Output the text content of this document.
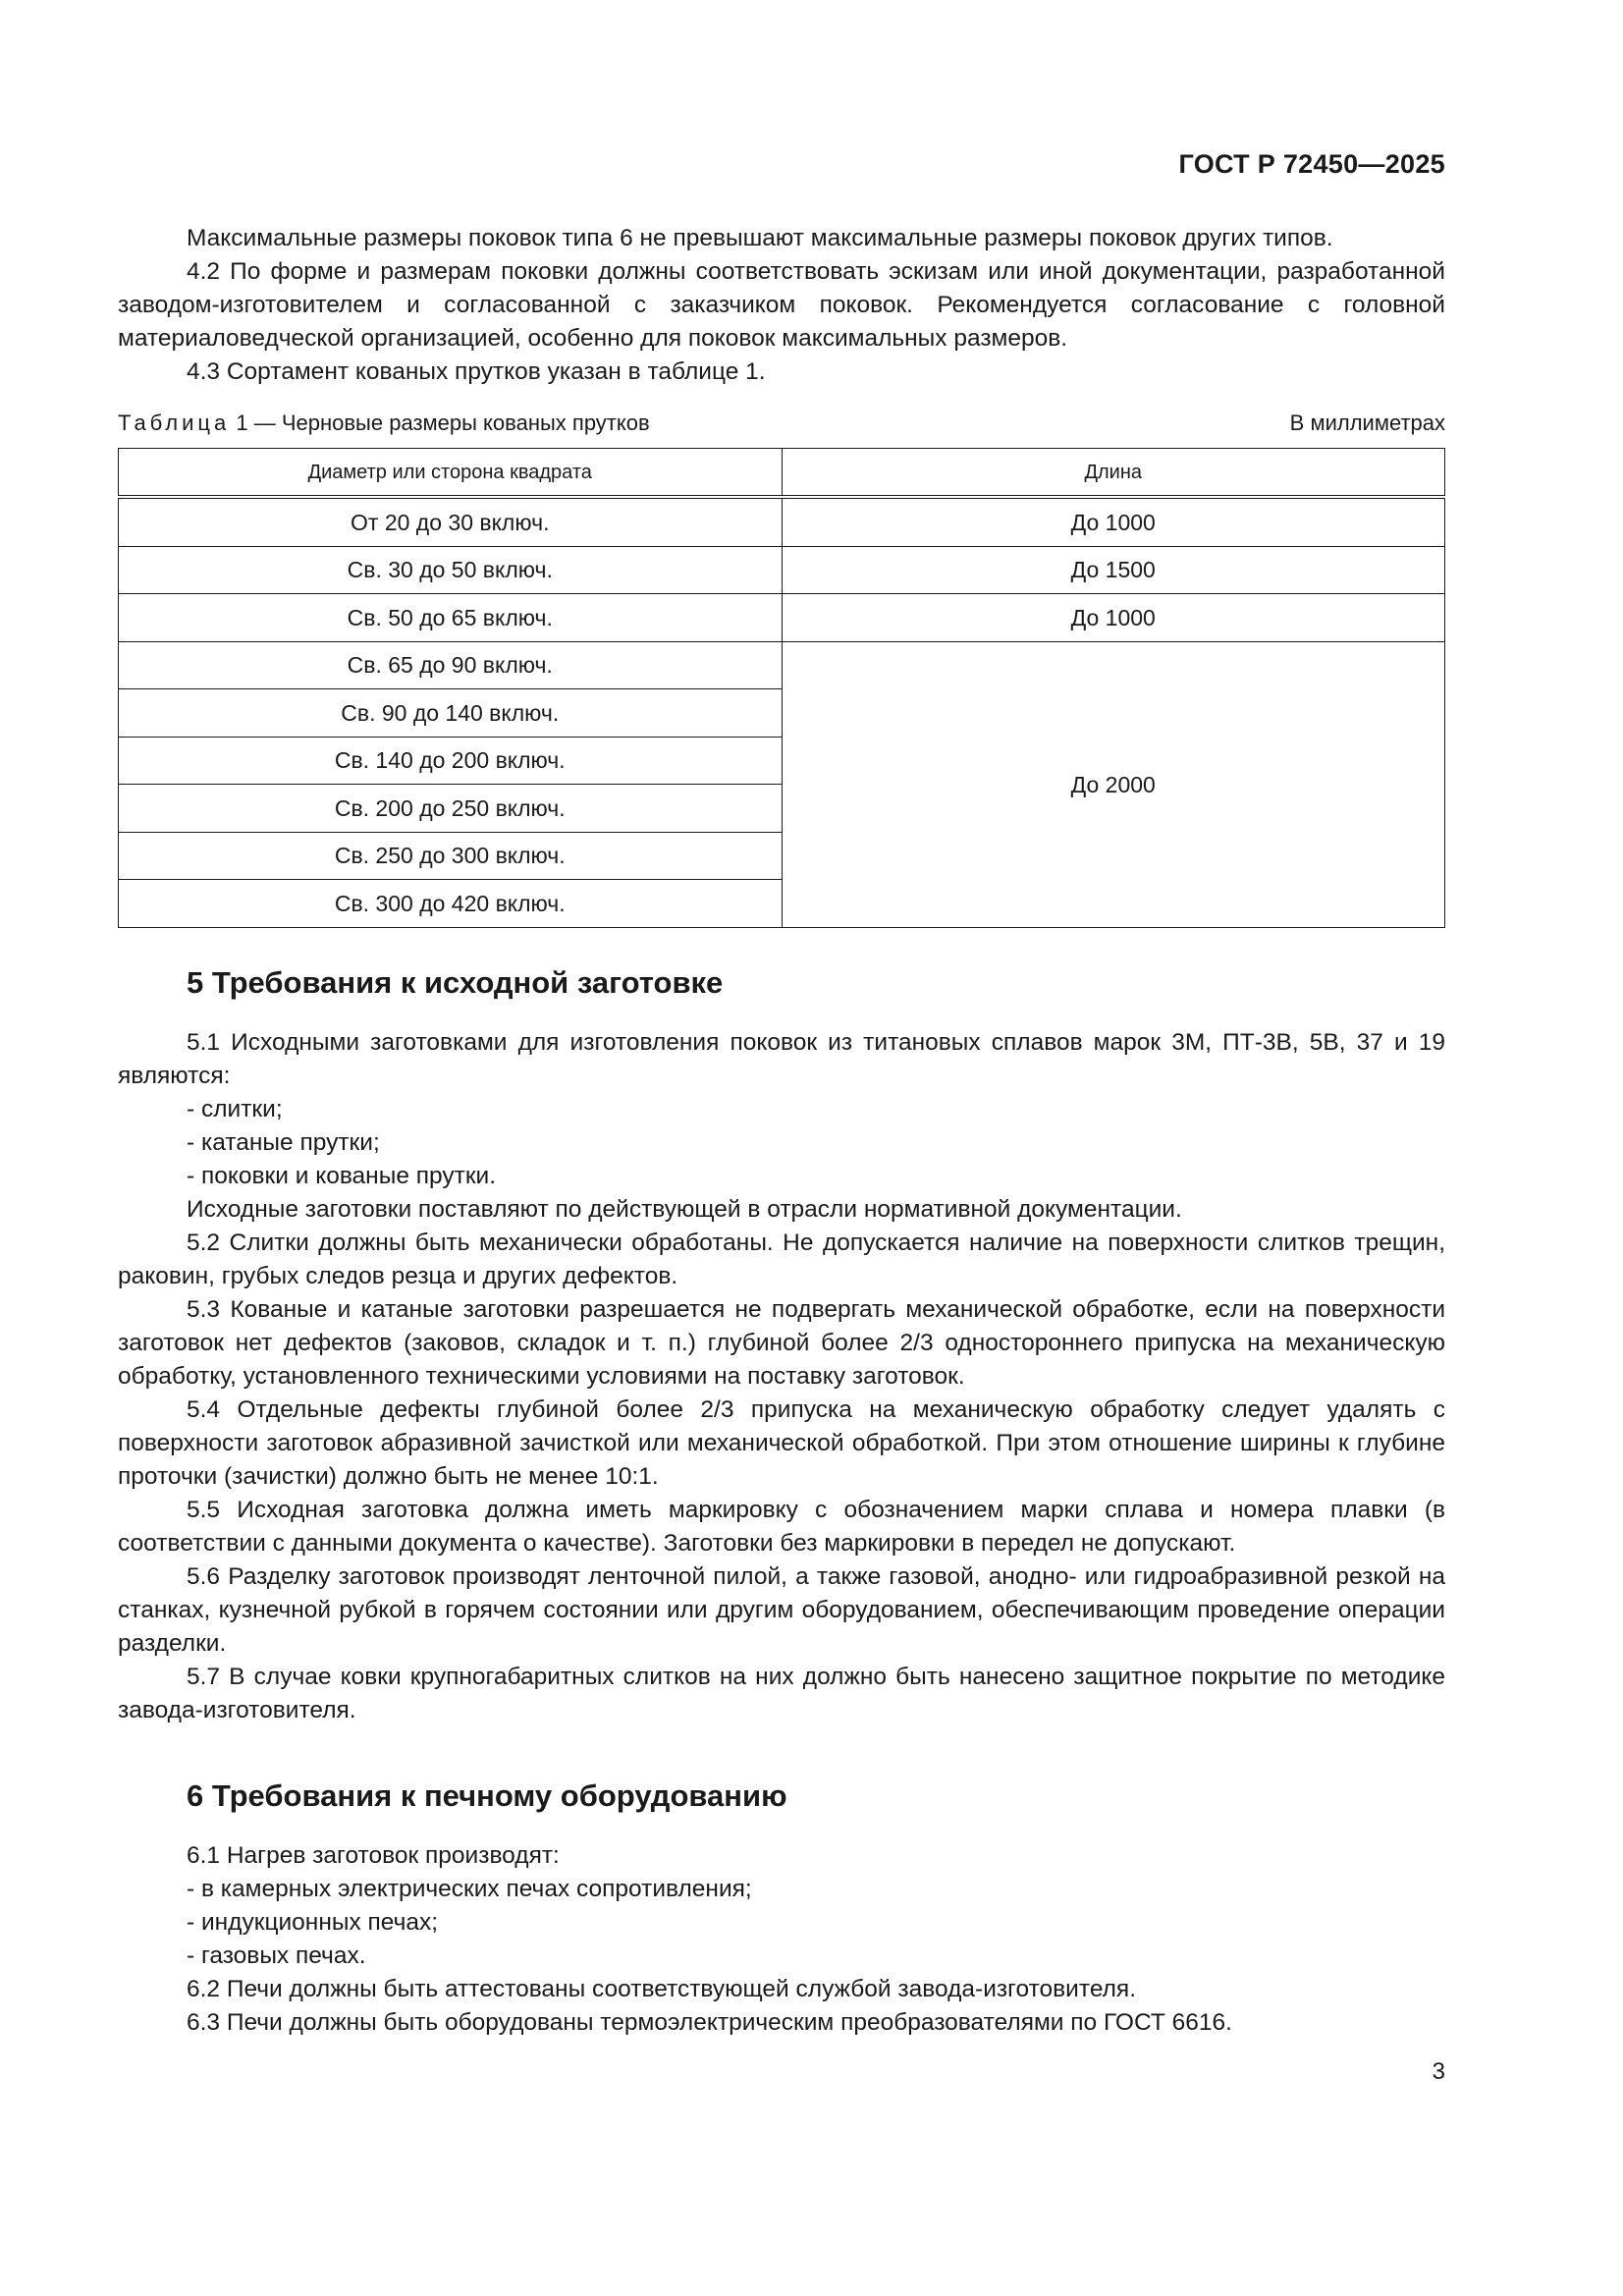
ГОСТ Р 72450—2025

Максимальные размеры поковок типа 6 не превышают максимальные размеры поковок других типов.

4.2 По форме и размерам поковки должны соответствовать эскизам или иной документации, разработанной заводом-изготовителем и согласованной с заказчиком поковок. Рекомендуется согласование с головной материаловедческой организацией, особенно для поковок максимальных размеров.

4.3 Сортамент кованых прутков указан в таблице 1.

Таблица 1 — Черновые размеры кованых прутков	В миллиметрах
Диаметр или сторона квадрата	Длина
От 20 до 30 включ.	До 1000
Св. 30 до 50 включ.	До 1500
Св. 50 до 65 включ.	До 1000
Св. 65 до 90 включ.	До 2000
Св. 90 до 140 включ.	
Св. 140 до 200 включ.	
Св. 200 до 250 включ.	
Св. 250 до 300 включ.	
Св. 300 до 420 включ.	
5 Требования к исходной заготовке

5.1 Исходными заготовками для изготовления поковок из титановых сплавов марок 3М, ПТ-3В, 5В, 37 и 19 являются:

- слитки;

- катаные прутки;

- поковки и кованые прутки.

Исходные заготовки поставляют по действующей в отрасли нормативной документации.

5.2 Слитки должны быть механически обработаны. Не допускается наличие на поверхности слитков трещин, раковин, грубых следов резца и других дефектов.

5.3 Кованые и катаные заготовки разрешается не подвергать механической обработке, если на поверхности заготовок нет дефектов (заковов, складок и т. п.) глубиной более 2/3 одностороннего припуска на механическую обработку, установленного техническими условиями на поставку заготовок.

5.4 Отдельные дефекты глубиной более 2/3 припуска на механическую обработку следует удалять с поверхности заготовок абразивной зачисткой или механической обработкой. При этом отношение ширины к глубине проточки (зачистки) должно быть не менее 10:1.

5.5 Исходная заготовка должна иметь маркировку с обозначением марки сплава и номера плавки (в соответствии с данными документа о качестве). Заготовки без маркировки в передел не допускают.

5.6 Разделку заготовок производят ленточной пилой, а также газовой, анодно- или гидроабразивной резкой на станках, кузнечной рубкой в горячем состоянии или другим оборудованием, обеспечивающим проведение операции разделки.

5.7 В случае ковки крупногабаритных слитков на них должно быть нанесено защитное покрытие по методике завода-изготовителя.

6 Требования к печному оборудованию

6.1 Нагрев заготовок производят:

- в камерных электрических печах сопротивления;

- индукционных печах;

- газовых печах.

6.2 Печи должны быть аттестованы соответствующей службой завода-изготовителя.

6.3 Печи должны быть оборудованы термоэлектрическим преобразователями по ГОСТ 6616.

3
